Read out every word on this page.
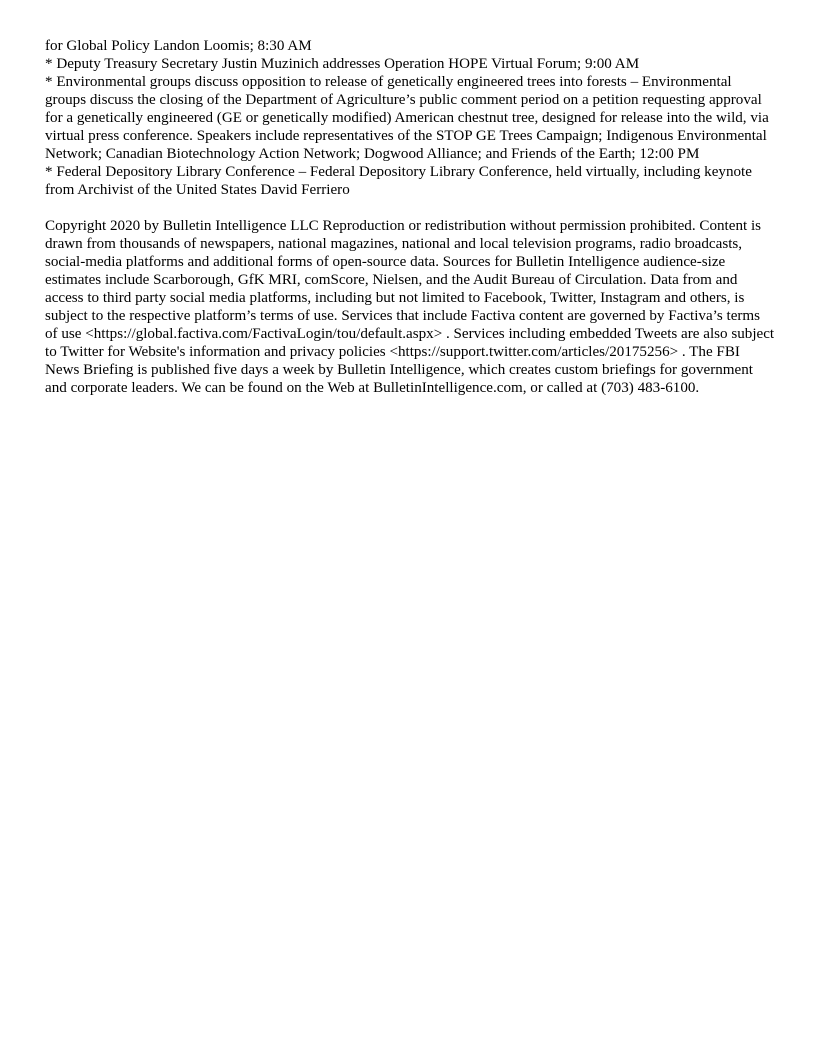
for Global Policy Landon Loomis; 8:30 AM

* Deputy Treasury Secretary Justin Muzinich addresses Operation HOPE Virtual Forum; 9:00 AM

* Environmental groups discuss opposition to release of genetically engineered trees into forests – Environmental groups discuss the closing of the Department of Agriculture’s public comment period on a petition requesting approval for a genetically engineered (GE or genetically modified) American chestnut tree, designed for release into the wild, via virtual press conference. Speakers include representatives of the STOP GE Trees Campaign; Indigenous Environmental Network; Canadian Biotechnology Action Network; Dogwood Alliance; and Friends of the Earth; 12:00 PM

* Federal Depository Library Conference – Federal Depository Library Conference, held virtually, including keynote from Archivist of the United States David Ferriero

Copyright 2020 by Bulletin Intelligence LLC Reproduction or redistribution without permission prohibited. Content is drawn from thousands of newspapers, national magazines, national and local television programs, radio broadcasts, social-media platforms and additional forms of open-source data. Sources for Bulletin Intelligence audience-size estimates include Scarborough, GfK MRI, comScore, Nielsen, and the Audit Bureau of Circulation. Data from and access to third party social media platforms, including but not limited to Facebook, Twitter, Instagram and others, is subject to the respective platform’s terms of use. Services that include Factiva content are governed by Factiva’s terms of use <https://global.factiva.com/FactivaLogin/tou/default.aspx> . Services including embedded Tweets are also subject to Twitter for Website's information and privacy policies <https://support.twitter.com/articles/20175256> . The FBI News Briefing is published five days a week by Bulletin Intelligence, which creates custom briefings for government and corporate leaders. We can be found on the Web at BulletinIntelligence.com, or called at (703) 483-6100.
